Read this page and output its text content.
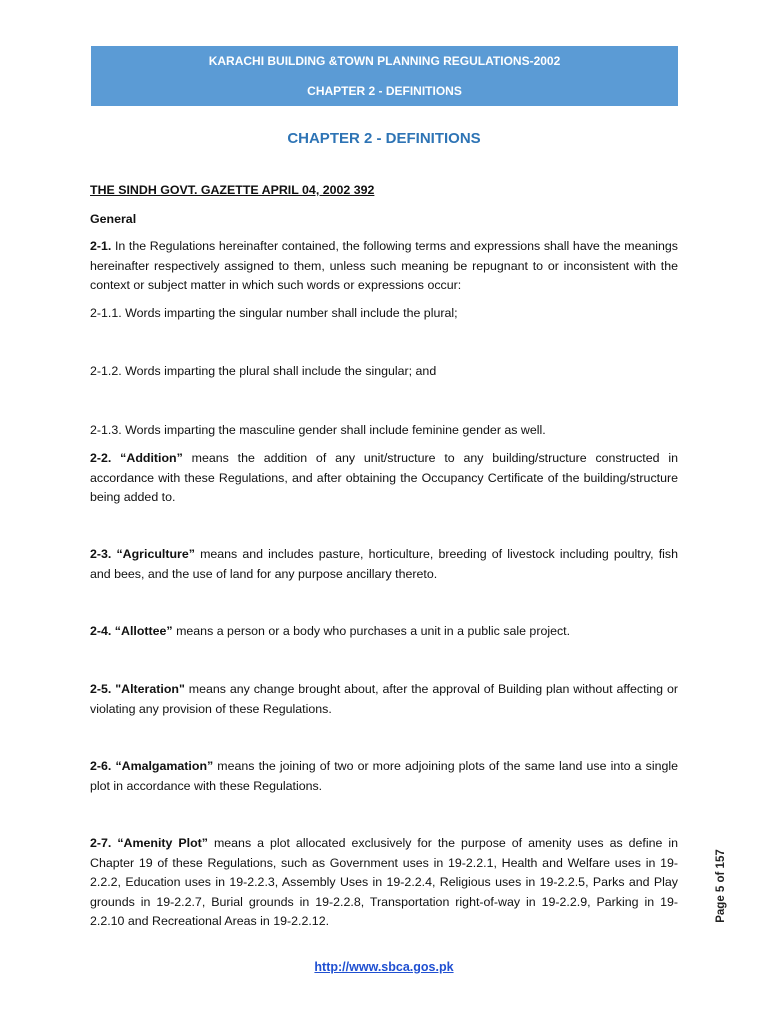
KARACHI BUILDING &TOWN PLANNING REGULATIONS-2002
CHAPTER 2 - DEFINITIONS
CHAPTER 2 - DEFINITIONS

THE SINDH GOVT. GAZETTE APRIL 04, 2002 392

General

2-1. In the Regulations hereinafter contained, the following terms and expressions shall have the meanings hereinafter respectively assigned to them, unless such meaning be repugnant to or inconsistent with the context or subject matter in which such words or expressions occur:

2-1.1. Words imparting the singular number shall include the plural;

2-1.2. Words imparting the plural shall include the singular; and

2-1.3. Words imparting the masculine gender shall include feminine gender as well.

2-2. “Addition” means the addition of any unit/structure to any building/structure constructed in accordance with these Regulations, and after obtaining the Occupancy Certificate of the building/structure being added to.

2-3. “Agriculture” means and includes pasture, horticulture, breeding of livestock including poultry, fish and bees, and the use of land for any purpose ancillary thereto.

2-4. “Allottee” means a person or a body who purchases a unit in a public sale project.

2-5. "Alteration" means any change brought about, after the approval of Building plan without affecting or violating any provision of these Regulations.

2-6. “Amalgamation” means the joining of two or more adjoining plots of the same land use into a single plot in accordance with these Regulations.

2-7. “Amenity Plot” means a plot allocated exclusively for the purpose of amenity uses as define in Chapter 19 of these Regulations, such as Government uses in 19-2.2.1, Health and Welfare uses in 19-2.2.2, Education uses in 19-2.2.3, Assembly Uses in 19-2.2.4, Religious uses in 19-2.2.5, Parks and Play grounds in 19-2.2.7, Burial grounds in 19-2.2.8, Transportation right-of-way in 19-2.2.9, Parking in 19-2.2.10 and Recreational Areas in 19-2.2.12.	Page 5 of 157
http://www.sbca.gos.pk
